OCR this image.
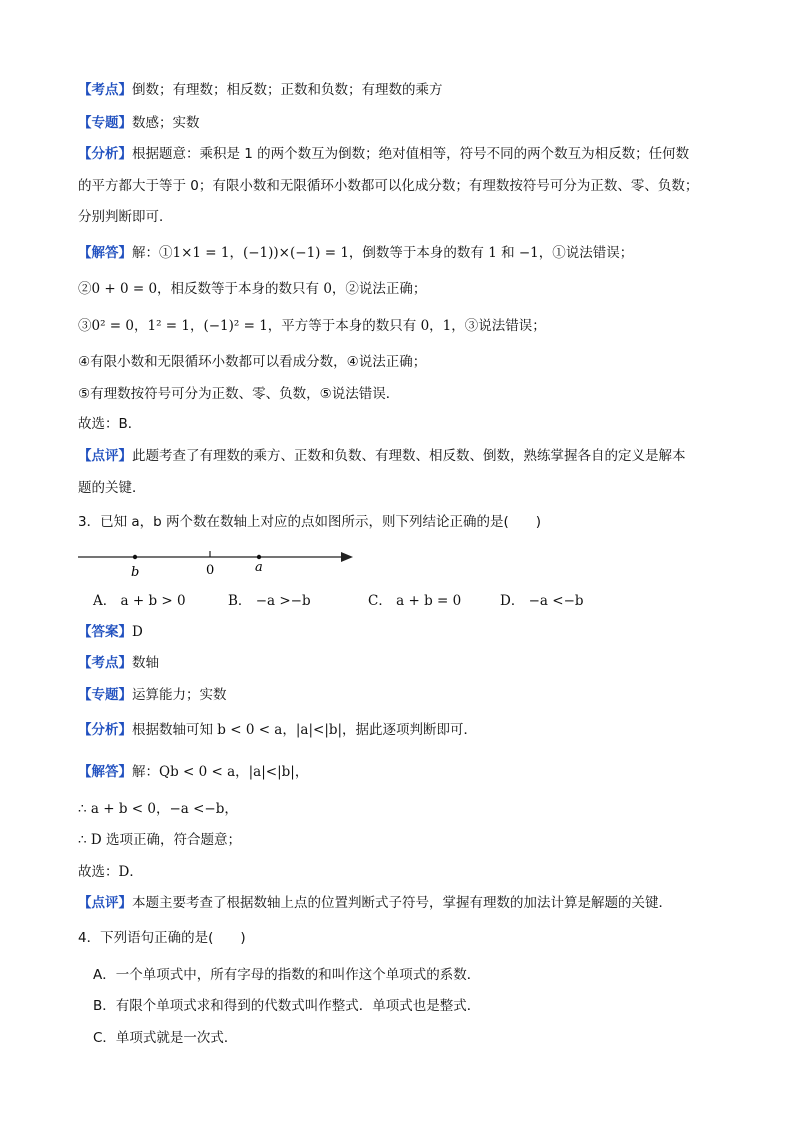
【考点】倒数；有理数；相反数；正数和负数；有理数的乘方
【专题】数感；实数
【分析】根据题意：乘积是 1 的两个数互为倒数；绝对值相等，符号不同的两个数互为相反数；任何数
的平方都大于等于 0；有限小数和无限循环小数都可以化成分数；有理数按符号可分为正数、零、负数；
分别判断即可．
【解答】解：①1×1 = 1，(−1))×(−1) = 1，倒数等于本身的数有 1 和 −1，①说法错误；
②0 + 0 = 0，相反数等于本身的数只有 0，②说法正确；
③0² = 0，1² = 1，(−1)² = 1，平方等于本身的数只有 0，1，③说法错误；
④有限小数和无限循环小数都可以看成分数，④说法正确；
⑤有理数按符号可分为正数、零、负数，⑤说法错误．
故选：B．
【点评】此题考查了有理数的乘方、正数和负数、有理数、相反数、倒数，熟练掌握各自的定义是解本
题的关键．
3．已知 a，b 两个数在数轴上对应的点如图所示，则下列结论正确的是(　　)
b	0	a
A． a + b > 0	B． −a >−b	C． a + b = 0	D． −a <−b
【答案】D
【考点】数轴
【专题】运算能力；实数
【分析】根据数轴可知 b < 0 < a，|a|<|b|，据此逐项判断即可．
【解答】解：Qb < 0 < a，|a|<|b|，
∴ a + b < 0，−a <−b，
∴ D 选项正确，符合题意；
故选：D．
【点评】本题主要考查了根据数轴上点的位置判断式子符号，掌握有理数的加法计算是解题的关键．
4．下列语句正确的是(　　)
A．一个单项式中，所有字母的指数的和叫作这个单项式的系数．
B．有限个单项式求和得到的代数式叫作整式．单项式也是整式．
C．单项式就是一次式．
